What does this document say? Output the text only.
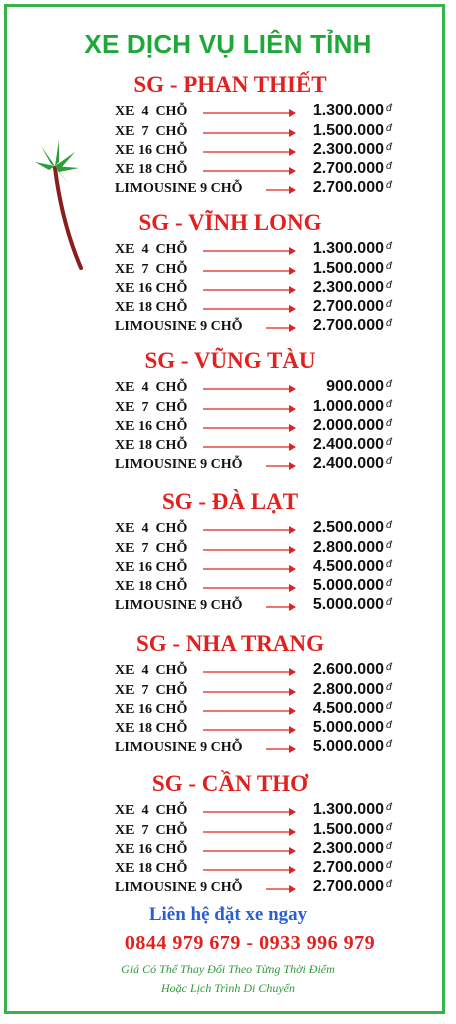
XE DỊCH VỤ LIÊN TỈNH
SG - PHAN THIẾT
XE  4  CHỖ	1.300.000 đ
XE  7  CHỖ	1.500.000 đ
XE 16 CHỖ	2.300.000 đ
XE 18 CHỖ	2.700.000 đ
LIMOUSINE 9 CHỖ	2.700.000 đ
SG - VĨNH LONG
XE  4  CHỖ	1.300.000 đ
XE  7  CHỖ	1.500.000 đ
XE 16 CHỖ	2.300.000 đ
XE 18 CHỖ	2.700.000 đ
LIMOUSINE 9 CHỖ	2.700.000 đ
SG - VŨNG TÀU
XE  4  CHỖ	900.000 đ
XE  7  CHỖ	1.000.000 đ
XE 16 CHỖ	2.000.000 đ
XE 18 CHỖ	2.400.000 đ
LIMOUSINE 9 CHỖ	2.400.000 đ
SG - ĐÀ LẠT
XE  4  CHỖ	2.500.000 đ
XE  7  CHỖ	2.800.000 đ
XE 16 CHỖ	4.500.000 đ
XE 18 CHỖ	5.000.000 đ
LIMOUSINE 9 CHỖ	5.000.000 đ
SG - NHA TRANG
XE  4  CHỖ	2.600.000 đ
XE  7  CHỖ	2.800.000 đ
XE 16 CHỖ	4.500.000 đ
XE 18 CHỖ	5.000.000 đ
LIMOUSINE 9 CHỖ	5.000.000 đ
SG - CẦN THƠ
XE  4  CHỖ	1.300.000 đ
XE  7  CHỖ	1.500.000 đ
XE 16 CHỖ	2.300.000 đ
XE 18 CHỖ	2.700.000 đ
LIMOUSINE 9 CHỖ	2.700.000 đ
Liên hệ đặt xe ngay
0844 979 679 - 0933 996 979
Giá Có Thể Thay Đổi Theo Từng Thời Điểm
Hoặc Lịch Trình Di Chuyển
